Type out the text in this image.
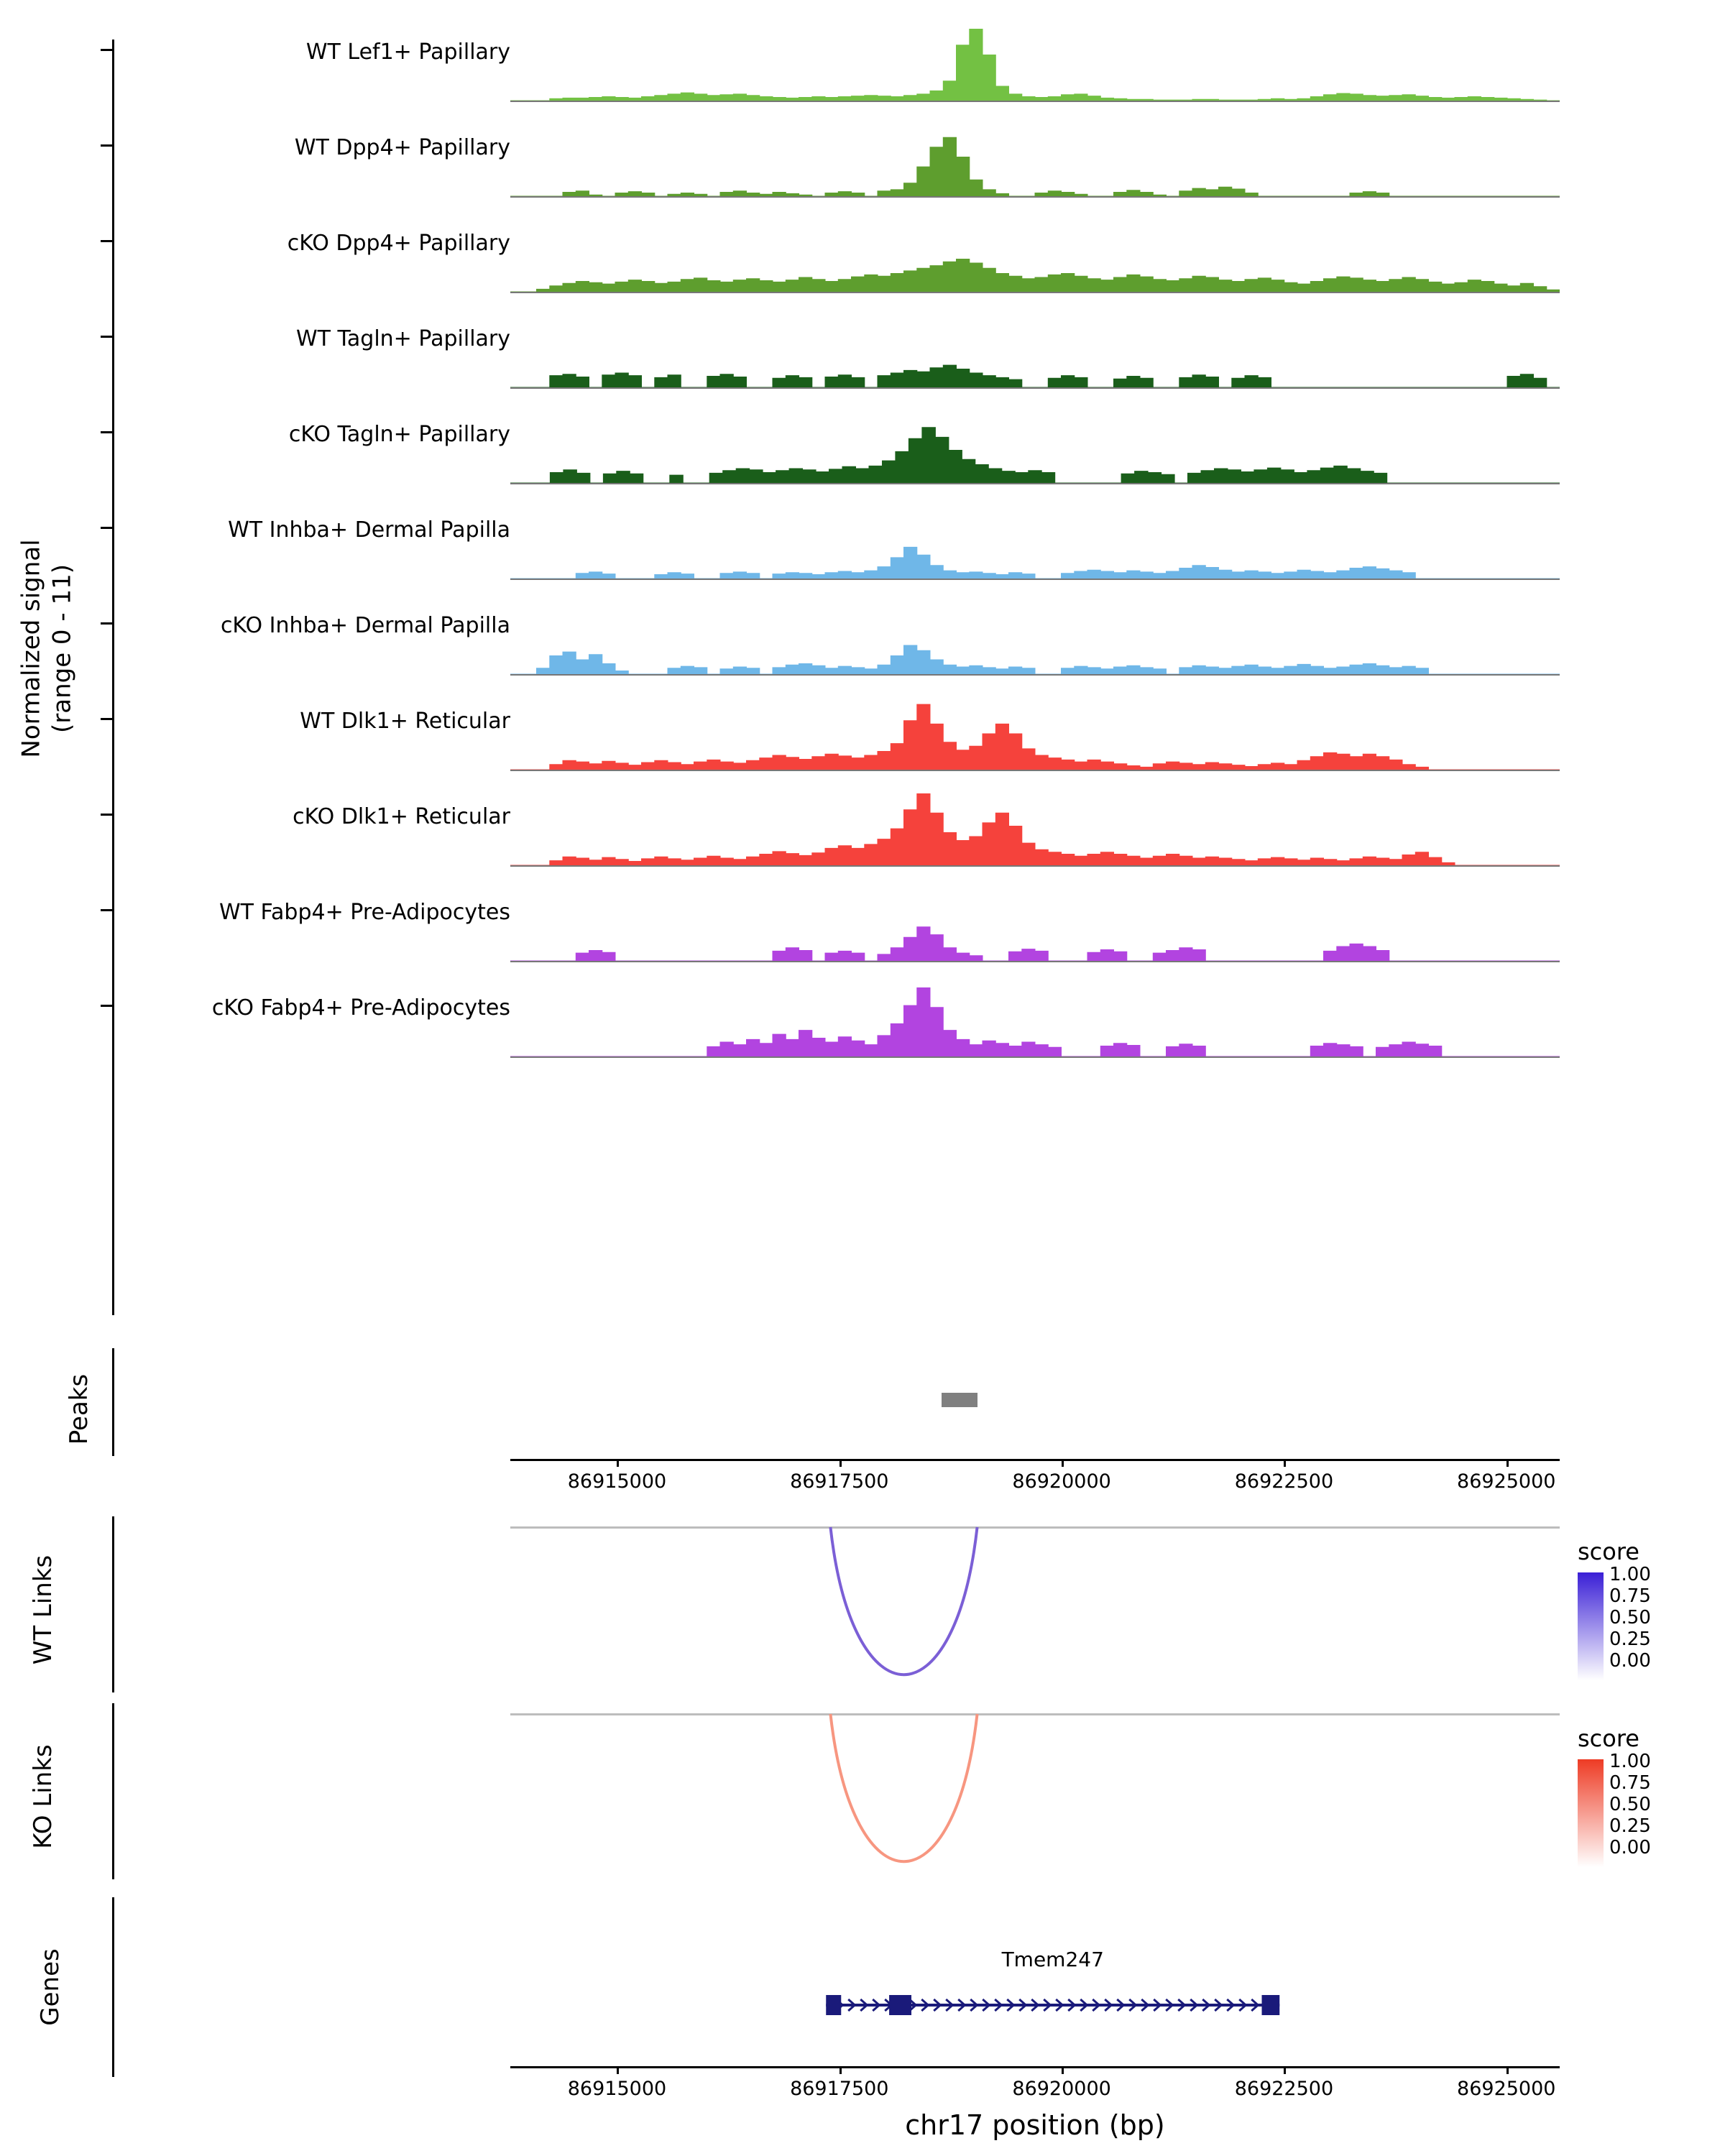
Normalized signal
(range 0 - 11)
WT Lef1+ Papillary
WT Dpp4+ Papillary
cKO Dpp4+ Papillary
WT Tagln+ Papillary
cKO Tagln+ Papillary
WT Inhba+ Dermal Papilla
cKO Inhba+ Dermal Papilla
WT Dlk1+ Reticular
cKO Dlk1+ Reticular
WT Fabp4+ Pre-Adipocytes
cKO Fabp4+ Pre-Adipocytes
Peaks
86915000	86917500	86920000	86922500	86925000
WT Links
score
1.00
0.75
0.50
0.25
0.00
KO Links
score
1.00
0.75
0.50
0.25
0.00
Genes	Tmem247
86915000	86917500	86920000	86922500	86925000
chr17 position (bp)
